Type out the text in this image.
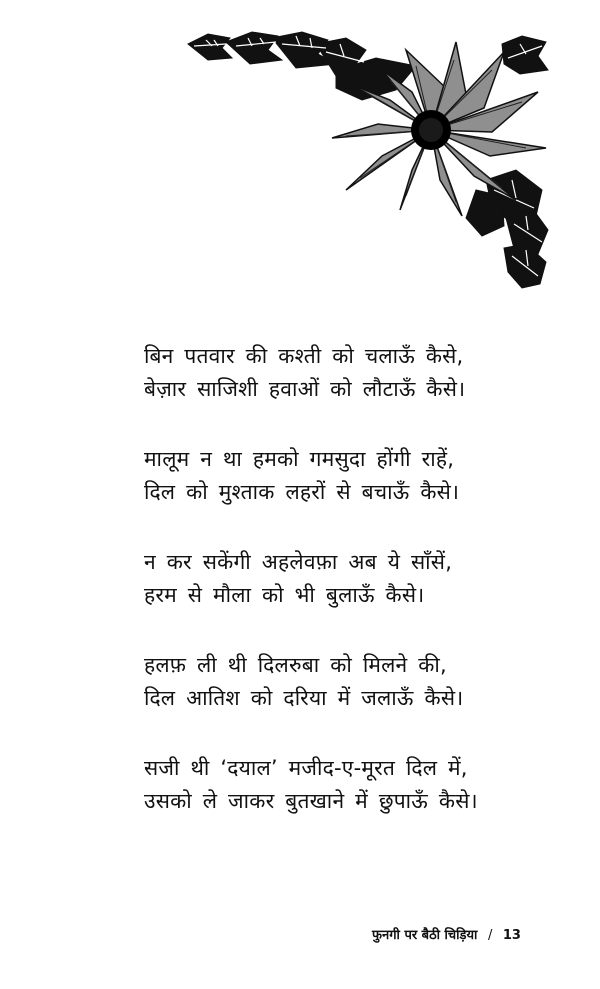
बिन पतवार की कश्ती को चलाऊँ कैसे,
बेज़ार साजिशी हवाओं को लौटाऊँ कैसे।
मालूम न था हमको गमसुदा होंगी राहें,
दिल को मुश्ताक लहरों से बचाऊँ कैसे।
न कर सकेंगी अहलेवफ़ा अब ये साँसें,
हरम से मौला को भी बुलाऊँ कैसे।
हलफ़ ली थी दिलरुबा को मिलने की,
दिल आतिश को दरिया में जलाऊँ कैसे।
सजी थी ‘दयाल’ मजीद-ए-मूरत दिल में,
उसको ले जाकर बुतखाने में छुपाऊँ कैसे।
फुनगी पर बैठी चिड़िया / 13
